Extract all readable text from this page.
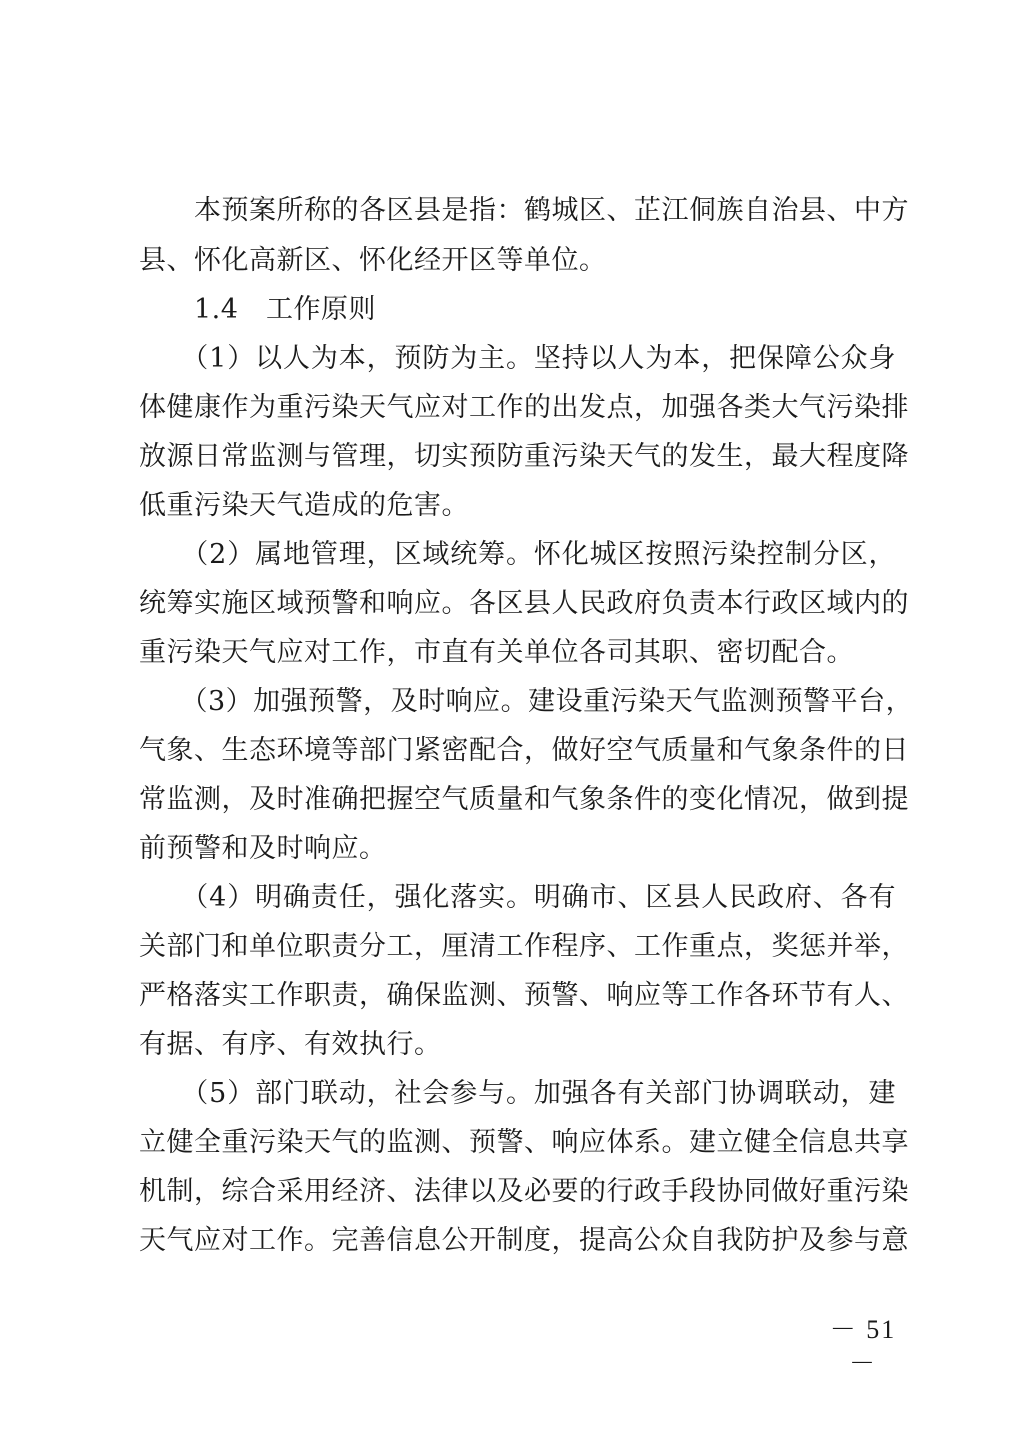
　　本预案所称的各区县是指：鹤城区、芷江侗族自治县、中方
县、怀化高新区、怀化经开区等单位。
　　1.4　工作原则
　　（1）以人为本，预防为主。坚持以人为本，把保障公众身
体健康作为重污染天气应对工作的出发点，加强各类大气污染排
放源日常监测与管理，切实预防重污染天气的发生，最大程度降
低重污染天气造成的危害。
　　（2）属地管理，区域统筹。怀化城区按照污染控制分区，
统筹实施区域预警和响应。各区县人民政府负责本行政区域内的
重污染天气应对工作，市直有关单位各司其职、密切配合。
　　（3）加强预警，及时响应。建设重污染天气监测预警平台，
气象、生态环境等部门紧密配合，做好空气质量和气象条件的日
常监测，及时准确把握空气质量和气象条件的变化情况，做到提
前预警和及时响应。
　　（4）明确责任，强化落实。明确市、区县人民政府、各有
关部门和单位职责分工，厘清工作程序、工作重点，奖惩并举，
严格落实工作职责，确保监测、预警、响应等工作各环节有人、
有据、有序、有效执行。
　　（5）部门联动，社会参与。加强各有关部门协调联动，建
立健全重污染天气的监测、预警、响应体系。建立健全信息共享
机制，综合采用经济、法律以及必要的行政手段协同做好重污染
天气应对工作。完善信息公开制度，提高公众自我防护及参与意
－ 51 －
